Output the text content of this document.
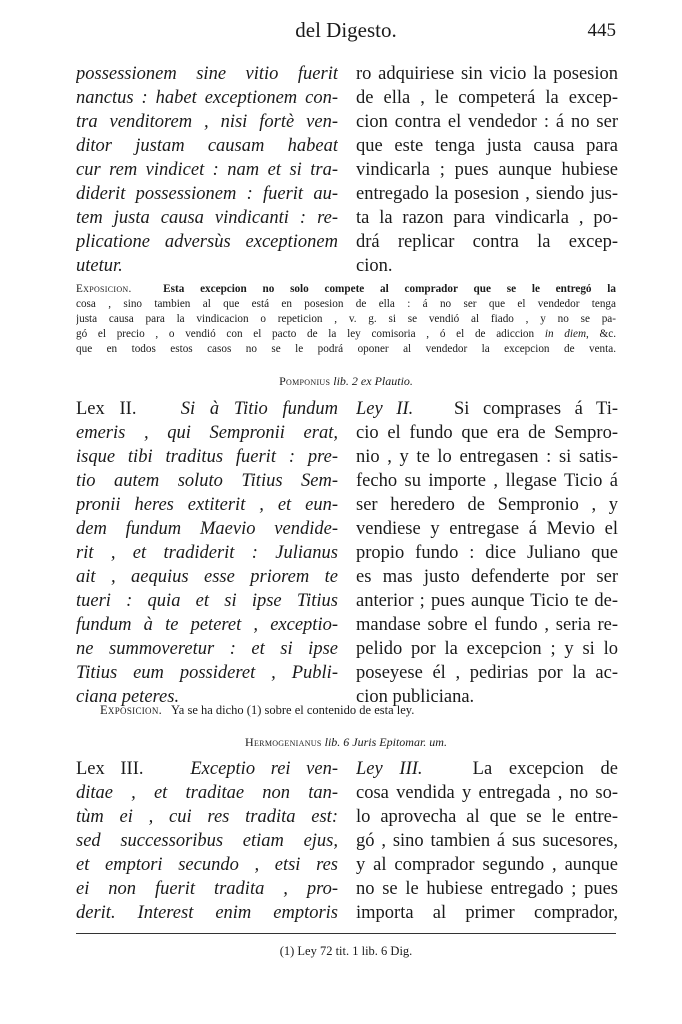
del Digesto.	445
possessionem sine vitio fuerit
nanctus : habet exceptionem con-
tra venditorem , nisi fortè ven-
ditor justam causam habeat
cur rem vindicet : nam et si tra-
diderit possessionem : fuerit au-
tem justa causa vindicanti : re-
plicatione adversùs exceptionem
utetur.
ro adquiriese sin vicio la posesion
de ella , le competerá la excep-
cion contra el vendedor : á no ser
que este tenga justa causa para
vindicarla ; pues aunque hubiese
entregado la posesion , siendo jus-
ta la razon para vindicarla , po-
drá replicar contra la excep-
cion.
Exposicion.	Esta excepcion no solo compete al comprador que se le entregó la
cosa , sino tambien al que está en posesion de ella : á no ser que el vendedor tenga
justa causa para la vindicacion o repeticion , v. g. si se vendió al fiado , y no se pa-
gó el precio , o vendió con el pacto de la ley comisoria , ó el de adiccion in diem, &c.
que en todos estos casos no se le podrá oponer al vendedor la excepcion de venta.
Pomponius lib. 2 ex Plautio.
Lex II. Si à Titio fundum
emeris , qui Sempronii erat,
isque tibi traditus fuerit : pre-
tio autem soluto Titius Sem-
pronii heres extiterit , et eun-
dem fundum Maevio vendide-
rit , et tradiderit : Julianus
ait , aequius esse priorem te
tueri : quia et si ipse Titius
fundum à te peteret , exceptio-
ne summoveretur : et si ipse
Titius eum possideret , Publi-
ciana peteres.
Ley II. Si comprases á Ti-
cio el fundo que era de Sempro-
nio , y te lo entregasen : si satis-
fecho su importe , llegase Ticio á
ser heredero de Sempronio , y
vendiese y entregase á Mevio el
propio fundo : dice Juliano que
es mas justo defenderte por ser
anterior ; pues aunque Ticio te de-
mandase sobre el fundo , seria re-
pelido por la excepcion ; y si lo
poseyese él , pedirias por la ac-
cion publiciana.
Exposicion. Ya se ha dicho (1) sobre el contenido de esta ley.
Hermogenianus lib. 6 Juris Epitomar. um.
Lex III.	Exceptio rei ven-
ditae , et traditae non tan-
tùm ei , cui res tradita est:
sed successoribus etiam ejus,
et emptori secundo , etsi res
ei non fuerit tradita , pro-
derit. Interest enim emptoris
Ley III.	La excepcion de
cosa vendida y entregada , no so-
lo aprovecha al que se le entre-
gó , sino tambien á sus sucesores,
y al comprador segundo , aunque
no se le hubiese entregado ; pues
importa al primer comprador,
(1) Ley 72 tit. 1 lib. 6 Dig.
